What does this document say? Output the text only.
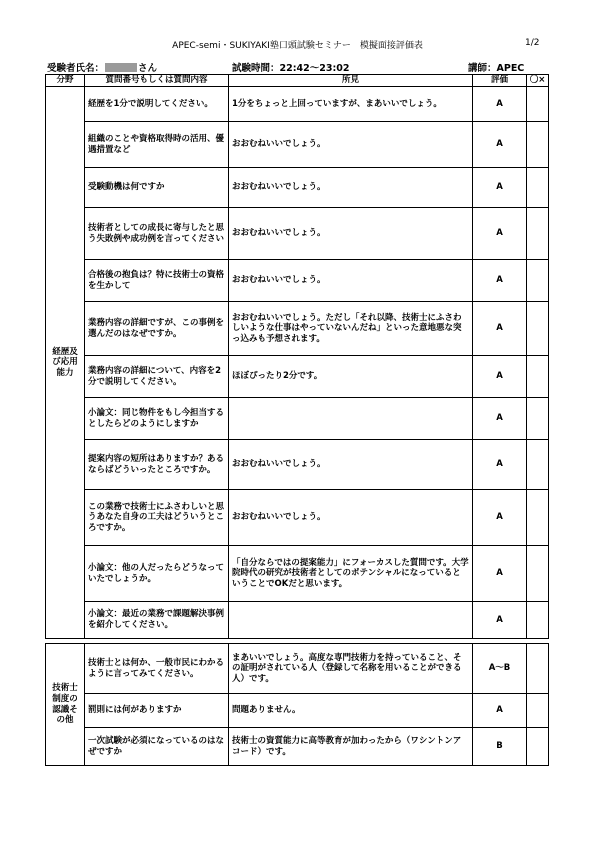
APEC-semi・SUKIYAKI塾口頭試験セミナー　模擬面接評価表	1/2
受験者氏名：	さん	試験時間：22:42～23:02	講師：APEC
分野	質問番号もしくは質問内容	所見	評価	〇×
経歴及び応用能力	経歴を1分で説明してください。	1分をちょっと上回っていますが、まあいいでしょう。	A	
	組織のことや資格取得時の活用、優遇措置など	おおむねいいでしょう。	A	
	受験動機は何ですか	おおむねいいでしょう。	A	
	技術者としての成長に寄与したと思う失敗例や成功例を言ってください	おおむねいいでしょう。	A	
	合格後の抱負は？特に技術士の資格を生かして	おおむねいいでしょう。	A	
	業務内容の詳細ですが、この事例を選んだのはなぜですか。	おおむねいいでしょう。ただし「それ以降、技術士にふさわしいような仕事はやっていないんだね」といった意地悪な突っ込みも予想されます。	A	
	業務内容の詳細について、内容を2分で説明してください。	ほぼぴったり2分です。	A	
	小論文：同じ物件をもし今担当するとしたらどのようにしますか		A	
	提案内容の短所はありますか？あるならばどういったところですか。	おおむねいいでしょう。	A	
	この業務で技術士にふさわしいと思うあなた自身の工夫はどういうところですか。	おおむねいいでしょう。	A	
	小論文：他の人だったらどうなっていたでしょうか。	「自分ならではの提案能力」にフォーカスした質問です。大学院時代の研究が技術者としてのポテンシャルになっているということでOKだと思います。	A	
	小論文：最近の業務で課題解決事例を紹介してください。		A	

技術士制度の認識その他	技術士とは何か、一般市民にわかるように言ってみてください。	まあいいでしょう。高度な専門技術力を持っていること、その証明がされている人（登録して名称を用いることができる人）です。	A～B	
	罰則には何がありますか	問題ありません。	A	
	一次試験が必須になっているのはなぜですか	技術士の資質能力に高等教育が加わったから（ワシントンアコード）です。	B	
